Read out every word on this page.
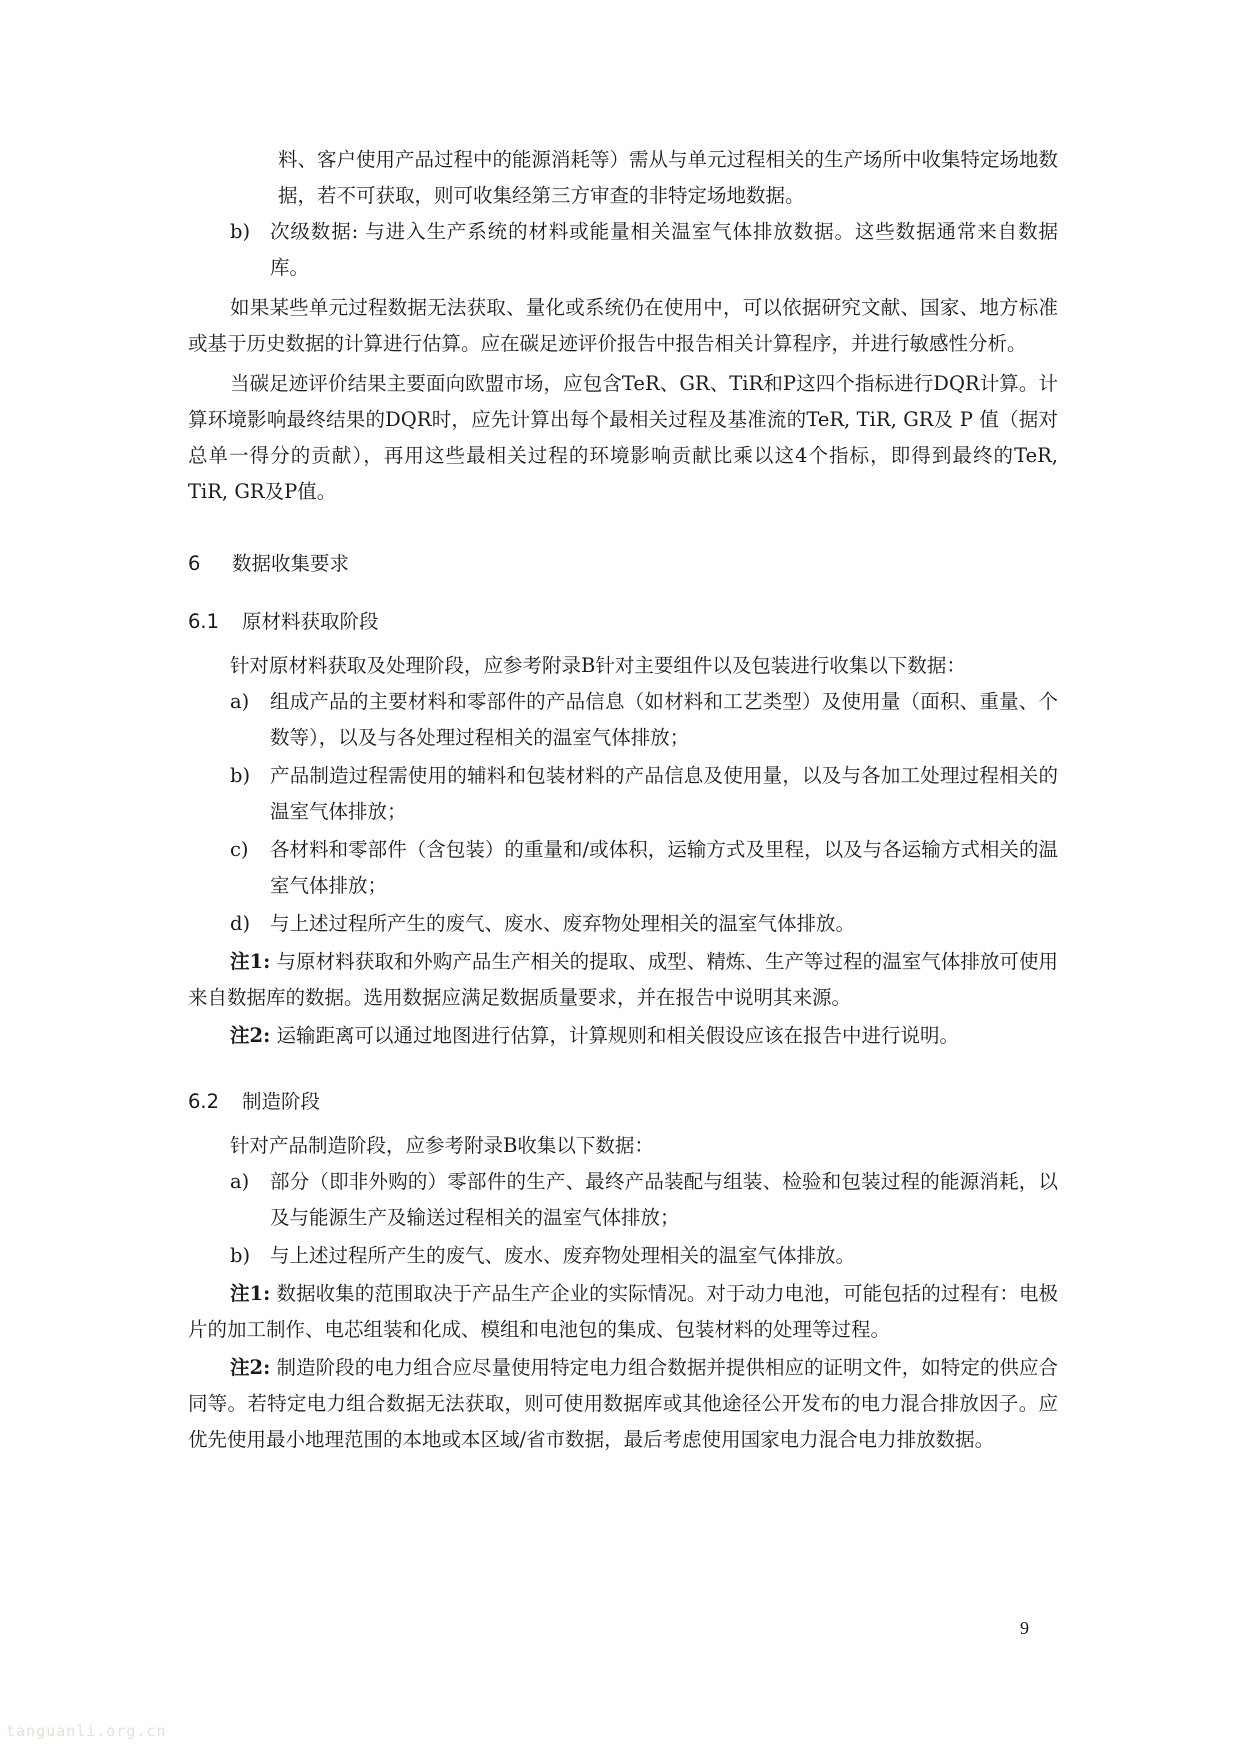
料、客户使用产品过程中的能源消耗等）需从与单元过程相关的生产场所中收集特定场地数据，若不可获取，则可收集经第三方审查的非特定场地数据。

b) 次级数据: 与进入生产系统的材料或能量相关温室气体排放数据。这些数据通常来自数据库。

如果某些单元过程数据无法获取、量化或系统仍在使用中，可以依据研究文献、国家、地方标准或基于历史数据的计算进行估算。应在碳足迹评价报告中报告相关计算程序，并进行敏感性分析。

当碳足迹评价结果主要面向欧盟市场，应包含TeR、GR、TiR和P这四个指标进行DQR计算。计算环境影响最终结果的DQR时，应先计算出每个最相关过程及基准流的TeR, TiR, GR及 P 值（据对总单一得分的贡献），再用这些最相关过程的环境影响贡献比乘以这4个指标，即得到最终的TeR, TiR, GR及P值。

6 数据收集要求
6.1 原材料获取阶段

针对原材料获取及处理阶段，应参考附录B针对主要组件以及包装进行收集以下数据：

a) 组成产品的主要材料和零部件的产品信息（如材料和工艺类型）及使用量（面积、重量、个数等），以及与各处理过程相关的温室气体排放；

b) 产品制造过程需使用的辅料和包装材料的产品信息及使用量，以及与各加工处理过程相关的温室气体排放；

c) 各材料和零部件（含包装）的重量和/或体积，运输方式及里程，以及与各运输方式相关的温室气体排放；

d) 与上述过程所产生的废气、废水、废弃物处理相关的温室气体排放。

注1: 与原材料获取和外购产品生产相关的提取、成型、精炼、生产等过程的温室气体排放可使用来自数据库的数据。选用数据应满足数据质量要求，并在报告中说明其来源。

注2: 运输距离可以通过地图进行估算，计算规则和相关假设应该在报告中进行说明。

6.2 制造阶段

针对产品制造阶段，应参考附录B收集以下数据：

a) 部分（即非外购的）零部件的生产、最终产品装配与组装、检验和包装过程的能源消耗，以及与能源生产及输送过程相关的温室气体排放；

b) 与上述过程所产生的废气、废水、废弃物处理相关的温室气体排放。

注1: 数据收集的范围取决于产品生产企业的实际情况。对于动力电池，可能包括的过程有：电极片的加工制作、电芯组装和化成、模组和电池包的集成、包装材料的处理等过程。

注2: 制造阶段的电力组合应尽量使用特定电力组合数据并提供相应的证明文件，如特定的供应合同等。若特定电力组合数据无法获取，则可使用数据库或其他途径公开发布的电力混合排放因子。应优先使用最小地理范围的本地或本区域/省市数据，最后考虑使用国家电力混合电力排放数据。

9
tanguanli.org.cn
